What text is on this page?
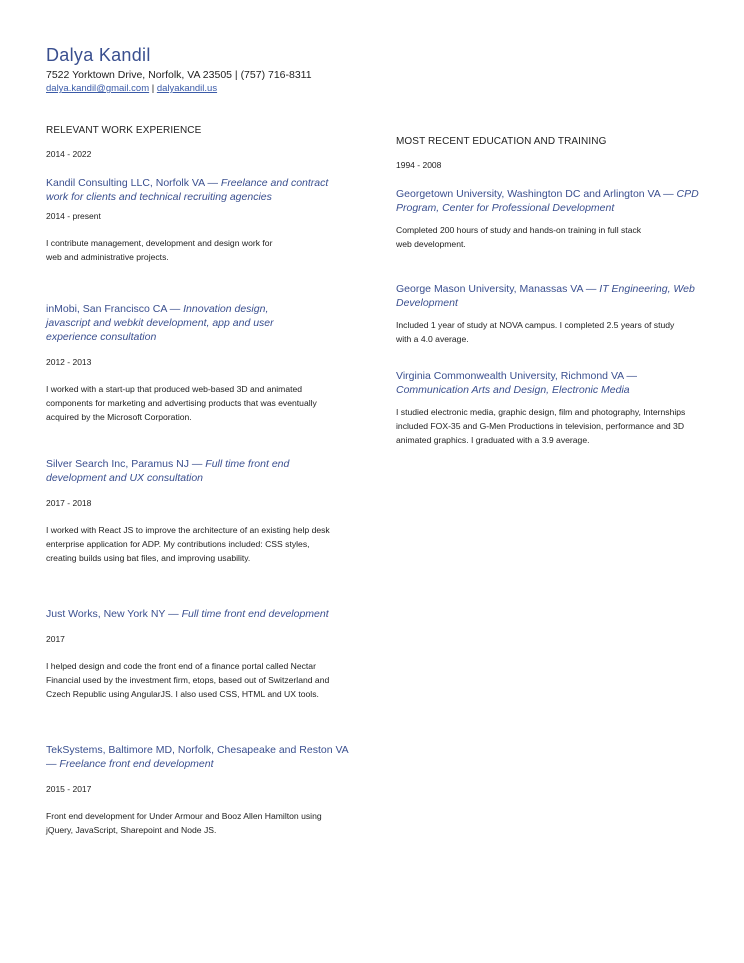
Dalya Kandil
7522 Yorktown Drive, Norfolk, VA 23505 | (757) 716-8311
dalya.kandil@gmail.com | dalyakandil.us
RELEVANT WORK EXPERIENCE
2014 - 2022
Kandil Consulting LLC, Norfolk VA — Freelance and contract work for clients and technical recruiting agencies
2014 - present
I contribute management, development and design work for web and administrative projects.
inMobi, San Francisco CA — Innovation design, javascript and webkit development, app and user experience consultation
2012 - 2013
I worked with a start-up that produced web-based 3D and animated components for marketing and advertising products that was eventually acquired by the Microsoft Corporation.
Silver Search Inc, Paramus NJ — Full time front end development and UX consultation
2017 - 2018
I worked with React JS to improve the architecture of an existing help desk enterprise application for ADP. My contributions included: CSS styles, creating builds using bat files, and improving usability.
Just Works, New York NY — Full time front end development
2017
I helped design and code the front end of a finance portal called Nectar Financial used by the investment firm, etops, based out of Switzerland and Czech Republic using AngularJS. I also used CSS, HTML and UX tools.
TekSystems, Baltimore MD, Norfolk, Chesapeake and Reston VA — Freelance front end development
2015 - 2017
Front end development for Under Armour and Booz Allen Hamilton using jQuery, JavaScript, Sharepoint and Node JS.
MOST RECENT EDUCATION AND TRAINING
1994 - 2008
Georgetown University, Washington DC and Arlington VA — CPD Program, Center for Professional Development
Completed 200 hours of study and hands-on training in full stack web development.
George Mason University, Manassas VA — IT Engineering, Web Development
Included 1 year of study at NOVA campus. I completed 2.5 years of study with a 4.0 average.
Virginia Commonwealth University, Richmond VA — Communication Arts and Design, Electronic Media
I studied electronic media, graphic design, film and photography, Internships included FOX-35 and G-Men Productions in television, performance and 3D animated graphics. I graduated with a 3.9 average.
